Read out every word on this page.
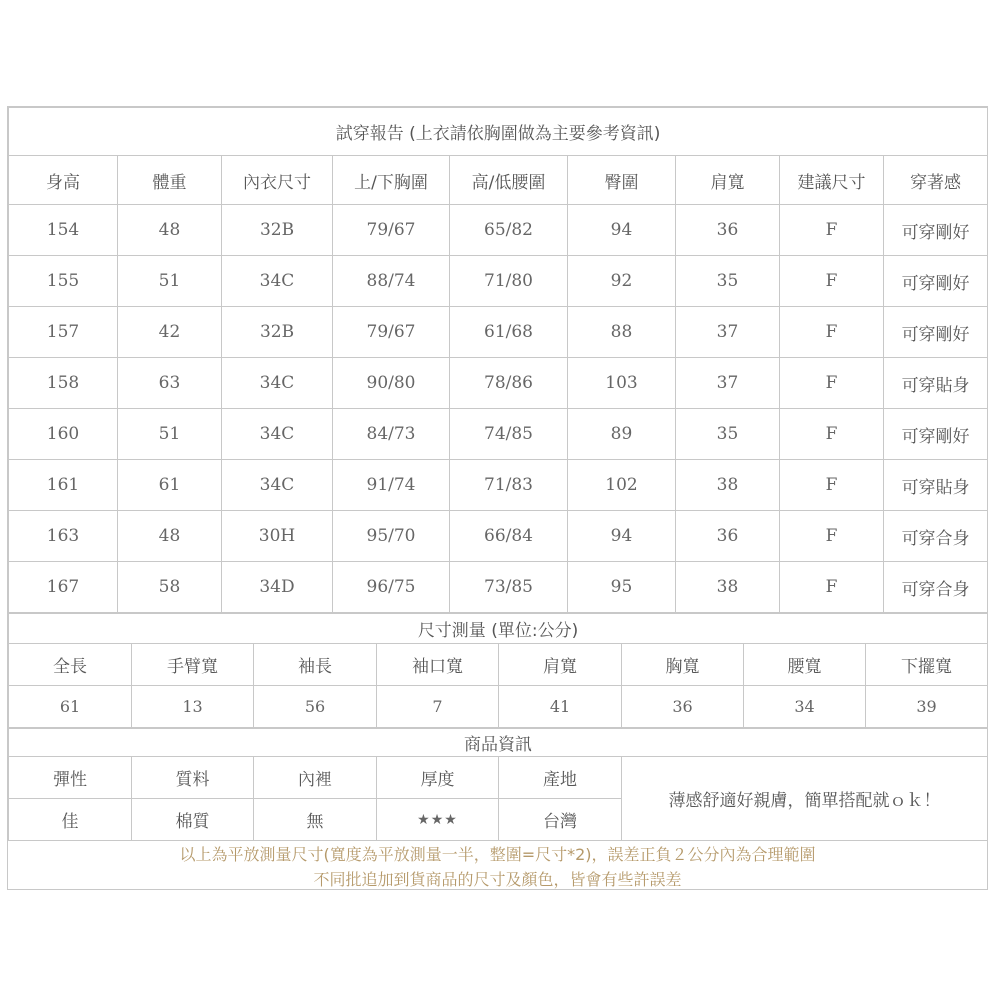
試穿報告 (上衣請依胸圍做為主要參考資訊)								
身高	體重	內衣尺寸	上/下胸圍	高/低腰圍	臀圍	肩寬	建議尺寸	穿著感
154	48	32B	79/67	65/82	94	36	F	可穿剛好
155	51	34C	88/74	71/80	92	35	F	可穿剛好
157	42	32B	79/67	61/68	88	37	F	可穿剛好
158	63	34C	90/80	78/86	103	37	F	可穿貼身
160	51	34C	84/73	74/85	89	35	F	可穿剛好
161	61	34C	91/74	71/83	102	38	F	可穿貼身
163	48	30H	95/70	66/84	94	36	F	可穿合身
167	58	34D	96/75	73/85	95	38	F	可穿合身
尺寸測量 (單位:公分)							
全長	手臂寬	袖長	袖口寬	肩寬	胸寬	腰寬	下擺寬
61	13	56	7	41	36	34	39
商品資訊					
彈性	質料	內裡	厚度	產地	薄感舒適好親膚，簡單搭配就ｏｋ！
佳	棉質	無	★★★	台灣	
以上為平放測量尺寸(寬度為平放測量一半，整圍=尺寸*2)，誤差正負２公分內為合理範圍
不同批追加到貨商品的尺寸及顏色，皆會有些許誤差
